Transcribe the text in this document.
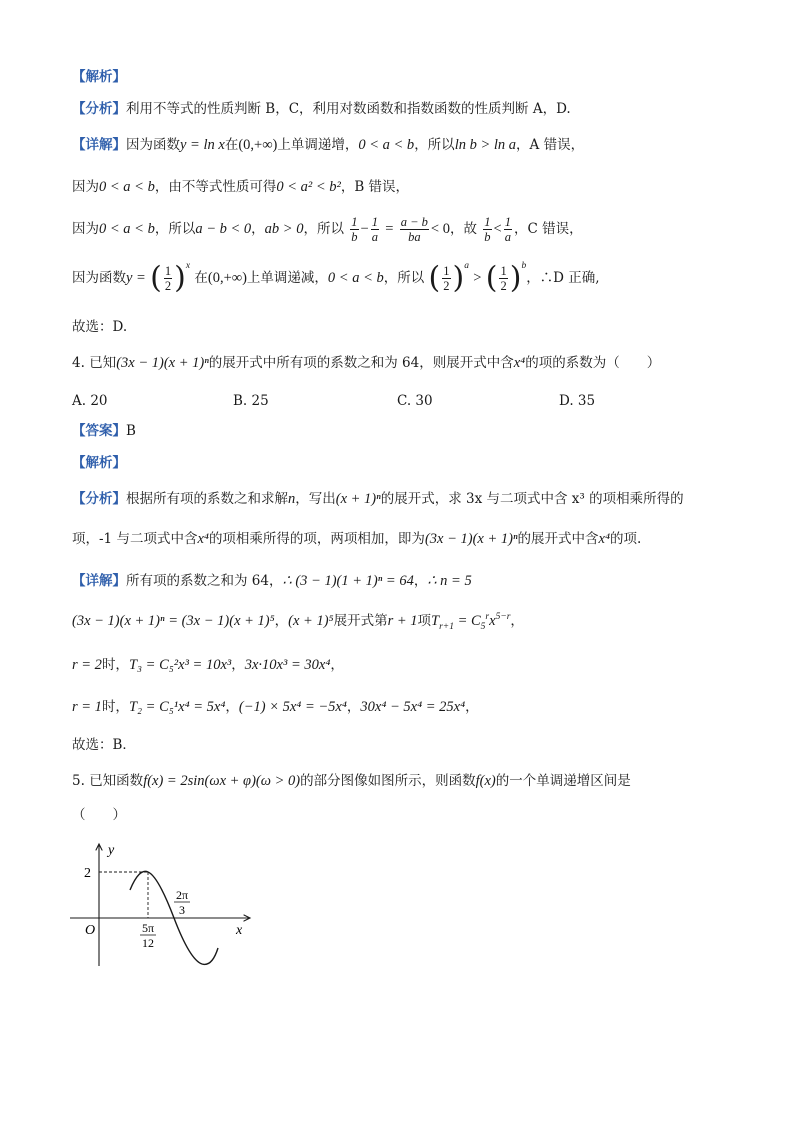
【解析】
【分析】利用不等式的性质判断 B，C，利用对数函数和指数函数的性质判断 A，D.
【详解】因为函数y = ln x在(0,+∞)上单调递增，0 < a < b，所以ln b > ln a，A 错误，
因为0 < a < b，由不等式性质可得0 < a² < b²，B 错误，
因为0 < a < b，所以a − b < 0，ab > 0，所以 $\frac{1}{b} - \frac{1}{a} = \frac{a - b}{ba} < 0$，故 $\frac{1}{b} < \frac{1}{a}$ ，C 错误，
因为函数y = ( $\frac{1}{2} )^x$ 在(0,+∞)上单调递减，0 < a < b，所以 ( $\frac{1}{2} )^a$ > ( $\frac{1}{2} )^b$，∴D 正确,
故选：D.
4. 已知(3x − 1)(x + 1)ⁿ的展开式中所有项的系数之和为 64，则展开式中含x⁴的项的系数为（　　）
A. 20	B. 25	C. 30	D. 35
【答案】B
【解析】
【分析】根据所有项的系数之和求解n，写出(x + 1)ⁿ的展开式，求 3x 与二项式中含 x³ 的项相乘所得的
项，-1 与二项式中含x⁴的项相乘所得的项，两项相加，即为(3x − 1)(x + 1)ⁿ的展开式中含x⁴的项.
【详解】所有项的系数之和为 64，∴ (3 − 1)(1 + 1)ⁿ = 64，∴ n = 5
(3x − 1)(x + 1)ⁿ = (3x − 1)(x + 1)⁵，(x + 1)⁵展开式第r + 1项$T_{r+1} = C_5^rx^{5-r}$，
r = 2时，T₃ = C₅²x³ = 10x³，3x·10x³ = 30x⁴，
r = 1时，T₂ = C₅¹x⁴ = 5x⁴，(−1) × 5x⁴ = −5x⁴，30x⁴ − 5x⁴ = 25x⁴，
故选：B．
5. 已知函数f(x) = 2sin(ωx + φ)(ω > 0)的部分图像如图所示，则函数f(x)的一个单调递增区间是
（　　）
y
x
O
2
5π
12
2π
3
